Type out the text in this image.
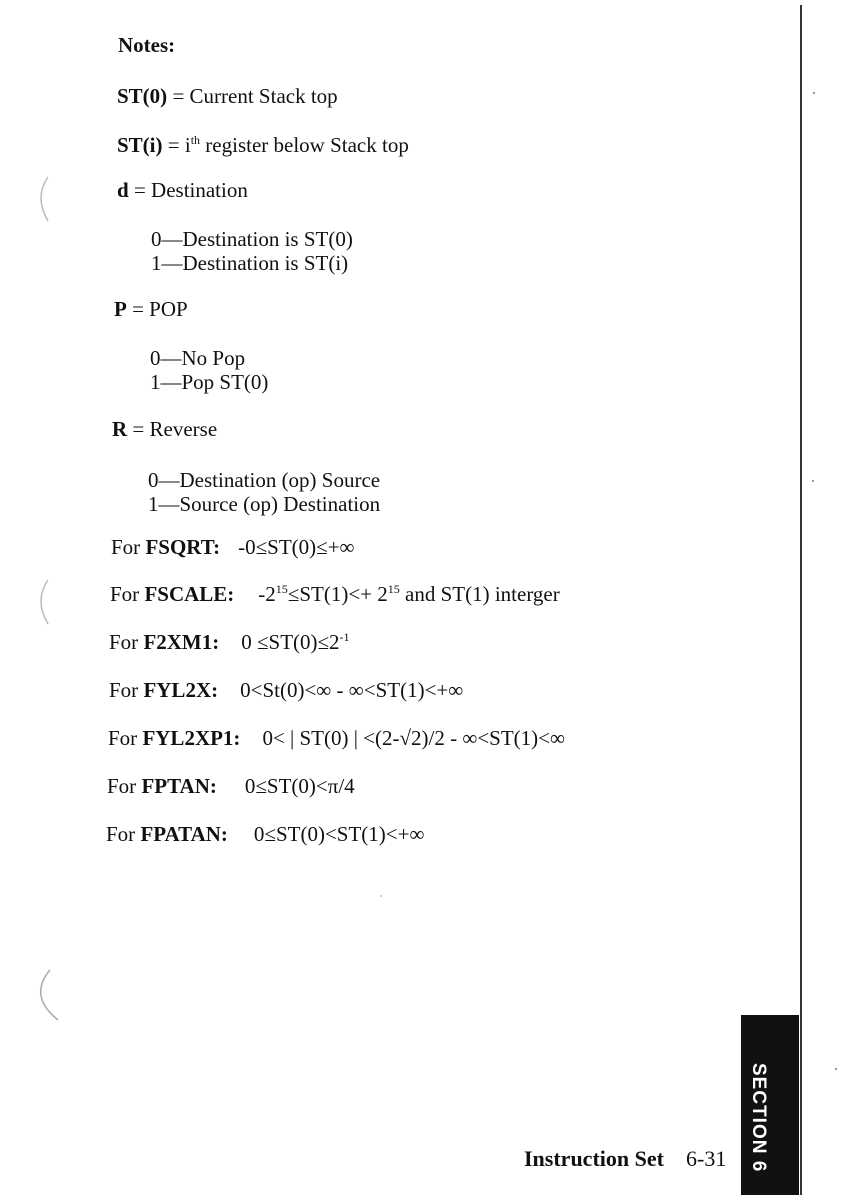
Notes:
ST(0) = Current Stack top
$ST(i) = i^{th}$ register below Stack top
d = Destination
0—Destination is ST(0)
1—Destination is ST(i)
P = POP
0—No Pop
1—Pop ST(0)
R = Reverse
0—Destination (op) Source
1—Source (op) Destination
For FSQRT: -0≤ST(0)≤+∞
For FSCALE: $-2^{15}\le ST(1)<+ 2^{15}$ and ST(1) interger
For F2XM1: $0 \le ST(0)\le 2^{-1}$
For FYL2X: 0<St(0)<∞ - ∞<ST(1)<+∞
For FYL2XP1: 0< | ST(0) | <(2-√2)/2 - ∞<ST(1)<∞
For FPTAN: 0≤ST(0)<π/4
For FPATAN: 0≤ST(0)<ST(1)<+∞
Instruction Set 6-31 SECTION 6
